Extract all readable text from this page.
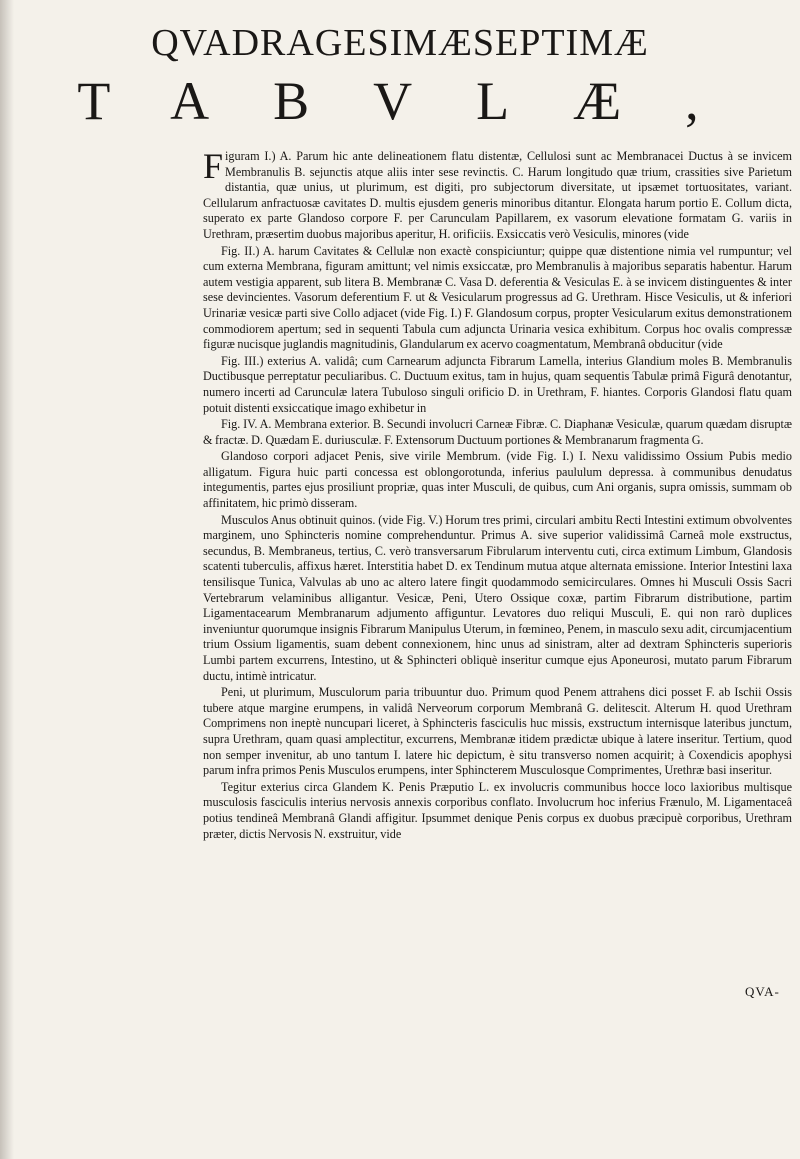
QVADRAGESIMÆSEPTIMÆ
TABVLÆ,

Figuram I.) A. Parum hic ante delineationem flatu distentæ, Cellulosi sunt ac Membranacei Ductus à se invicem Membranulis B. sejunctis atque aliis inter sese revinctis. C. Harum longitudo quæ trium, crassities sive Parietum distantia, quæ unius, ut plurimum, est digiti, pro subjectorum diversitate, ut ipsæmet tortuositates, variant. Cellularum anfractuosæ cavitates D. multis ejusdem generis minoribus ditantur. Elongata harum portio E. Collum dicta, superato ex parte Glandoso corpore F. per Carunculam Papillarem, ex vasorum elevatione formatam G. variis in Urethram, præsertim duobus majoribus aperitur, H. orificiis. Exsiccatis verò Vesiculis, minores (vide

Fig. II.) A. harum Cavitates & Cellulæ non exactè conspiciuntur; quippe quæ distentione nimia vel rumpuntur; vel cum externa Membrana, figuram amittunt; vel nimis exsiccatæ, pro Membranulis à majoribus separatis habentur. Harum autem vestigia apparent, sub litera B. Membranæ C. Vasa D. deferentia & Vesiculas E. à se invicem distinguentes & inter sese devincientes. Vasorum deferentium F. ut & Vesicularum progressus ad G. Urethram. Hisce Vesiculis, ut & inferiori Urinariæ vesicæ parti sive Collo adjacet (vide Fig. I.) F. Glandosum corpus, propter Vesicularum exitus demonstrationem commodiorem apertum; sed in sequenti Tabula cum adjuncta Urinaria vesica exhibitum. Corpus hoc ovalis compressæ figuræ nucisque juglandis magnitudinis, Glandularum ex acervo coagmentatum, Membranâ obducitur (vide

Fig. III.) exterius A. validâ; cum Carnearum adjuncta Fibrarum Lamella, interius Glandium moles B. Membranulis Ductibusque perreptatur peculiaribus. C. Ductuum exitus, tam in hujus, quam sequentis Tabulæ primâ Figurâ denotantur, numero incerti ad Carunculæ latera Tubuloso singuli orificio D. in Urethram, F. hiantes. Corporis Glandosi flatu quam potuit distenti exsiccatique imago exhibetur in

Fig. IV. A. Membrana exterior. B. Secundi involucri Carneæ Fibræ. C. Diaphanæ Vesiculæ, quarum quædam disruptæ & fractæ. D. Quædam E. duriusculæ. F. Extensorum Ductuum portiones & Membranarum fragmenta G.

Glandoso corpori adjacet Penis, sive virile Membrum. (vide Fig. I.) I. Nexu validissimo Ossium Pubis medio alligatum. Figura huic parti concessa est oblongorotunda, inferius paululum depressa. à communibus denudatus integumentis, partes ejus prosiliunt propriæ, quas inter Musculi, de quibus, cum Ani organis, supra omissis, summam ob affinitatem, hic primò disseram.

Musculos Anus obtinuit quinos. (vide Fig. V.) Horum tres primi, circulari ambitu Recti Intestini extimum obvolventes marginem, uno Sphincteris nomine comprehenduntur. Primus A. sive superior validissimâ Carneâ mole exstructus, secundus, B. Membraneus, tertius, C. verò transversarum Fibrularum interventu cuti, circa extimum Limbum, Glandosis scatenti tuberculis, affixus hæret. Interstitia habet D. ex Tendinum mutua atque alternata emissione. Interior Intestini laxa tensilisque Tunica, Valvulas ab uno ac altero latere fingit quodammodo semicirculares. Omnes hi Musculi Ossis Sacri Vertebrarum velaminibus alligantur. Vesicæ, Peni, Utero Ossique coxæ, partim Fibrarum distributione, partim Ligamentacearum Membranarum adjumento affiguntur. Levatores duo reliqui Musculi, E. qui non rarò duplices inveniuntur quorumque insignis Fibrarum Manipulus Uterum, in fœmineo, Penem, in masculo sexu adit, circumjacentium trium Ossium ligamentis, suam debent connexionem, hinc unus ad sinistram, alter ad dextram Sphincteris superioris Lumbi partem excurrens, Intestino, ut & Sphincteri obliquè inseritur cumque ejus Aponeurosi, mutato parum Fibrarum ductu, intimè intricatur.

Peni, ut plurimum, Musculorum paria tribuuntur duo. Primum quod Penem attrahens dici posset F. ab Ischii Ossis tubere atque margine erumpens, in validâ Nerveorum corporum Membranâ G. delitescit. Alterum H. quod Urethram Comprimens non ineptè nuncupari liceret, à Sphincteris fasciculis huc missis, exstructum internisque lateribus junctum, supra Urethram, quam quasi amplectitur, excurrens, Membranæ itidem prædictæ ubique à latere inseritur. Tertium, quod non semper invenitur, ab uno tantum I. latere hic depictum, è situ transverso nomen acquirit; à Coxendicis apophysi parum infra primos Penis Musculos erumpens, inter Sphincterem Musculosque Comprimentes, Urethræ basi inseritur.

Tegitur exterius circa Glandem K. Penis Præputio L. ex involucris communibus hocce loco laxioribus multisque musculosis fasciculis interius nervosis annexis corporibus conflato. Involucrum hoc inferius Frænulo, M. Ligamentaceâ potius tendineâ Membranâ Glandi affigitur. Ipsummet denique Penis corpus ex duobus præcipuè corporibus, Urethram præter, dictis Nervosis N. exstruitur, vide

QVA-
